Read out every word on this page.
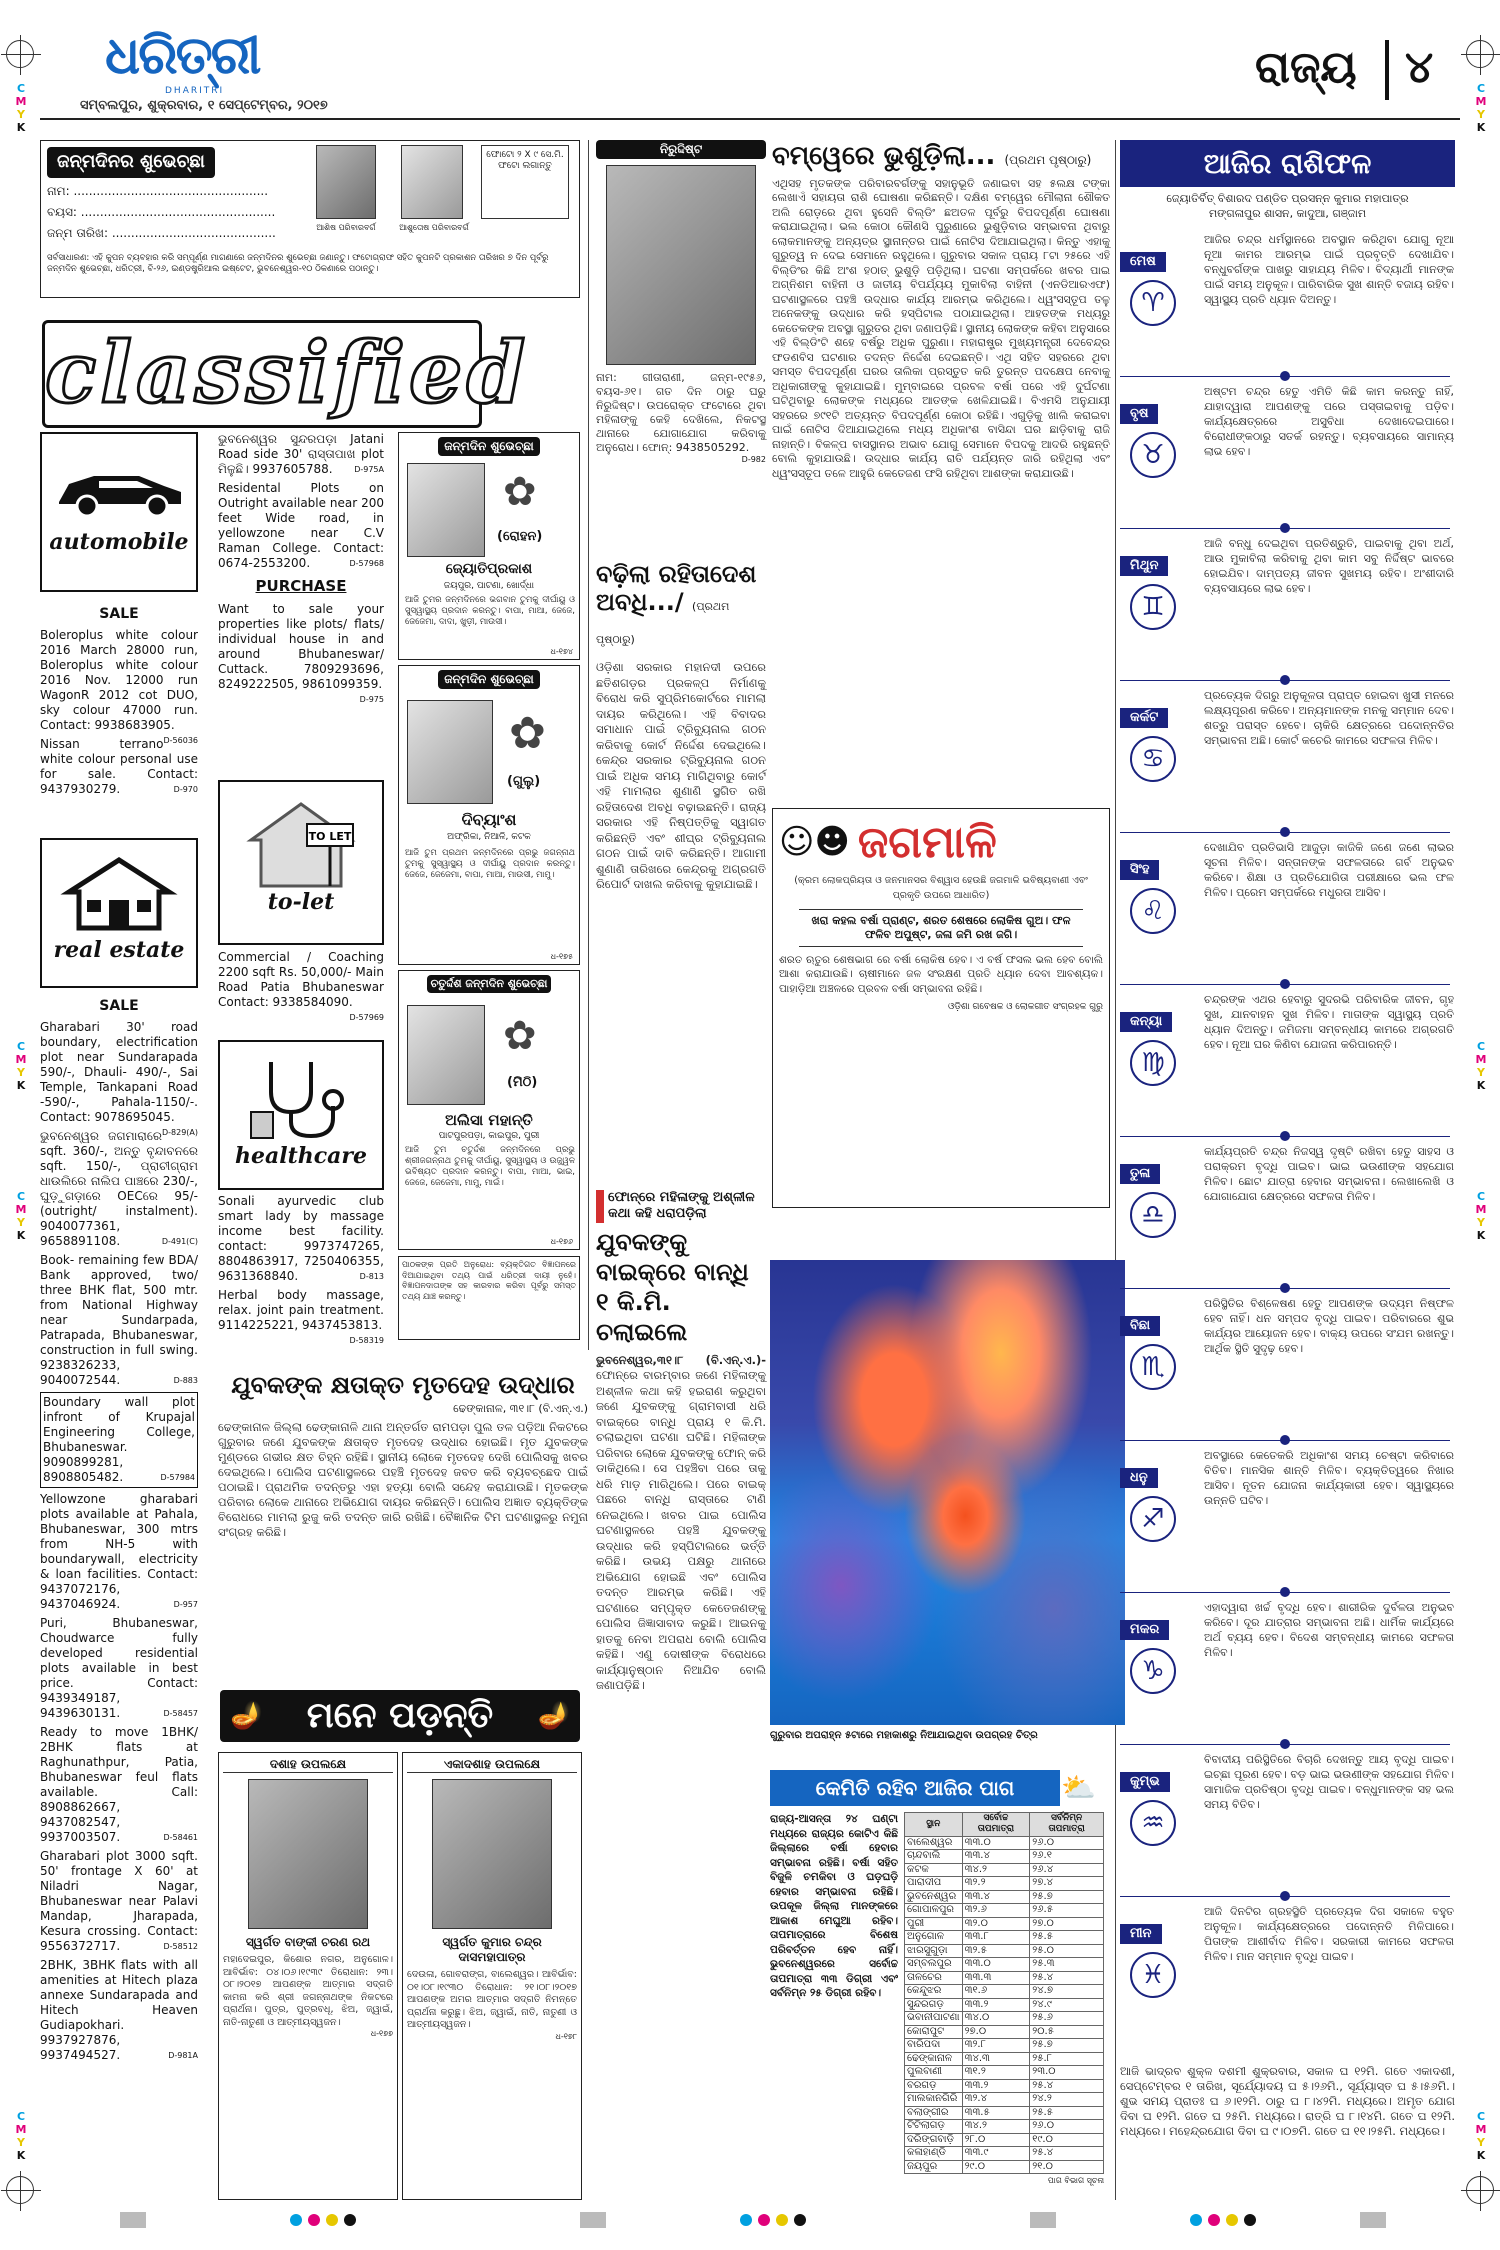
C
M
Y
K
C
M
Y
K
C
M
Y
K
C
M
Y
K
C
M
Y
K
C
M
Y
K
C
M
Y
K
C
M
Y
K
ଧରିତ୍ରୀ
DHARITRI
ସମ୍ବଲପୁର, ଶୁକ୍ରବାର, ୧ ସେପ୍ଟେମ୍ବର, ୨୦୧୭
ରାଜ୍ୟ	୪
ଜନ୍ମଦିନର ଶୁଭେଚ୍ଛା
ନାମ: ...................................................
ବୟସ: ...................................................
ଜନ୍ମ ତାରିଖ: ...........................................	ଆଶିଷ ପରିବାରବର୍ଗ	ଆଶୁତୋଷ ପରିବାରବର୍ଗ
ଫୋଟୋ ୨ X ୯ ସେ.ମି. ଫଟୋ ଲଗାନ୍ତୁ
ସର୍ବସାଧାରଣ: ଏହି କୁପନ ବ୍ୟବହାର କରି ସମ୍ପୂର୍ଣ୍ଣ ମାଗଣାରେ ଜନ୍ମଦିନର ଶୁଭେଚ୍ଛା ଜଣାନ୍ତୁ। ଫଟୋଗ୍ରାଫ ସହିତ କୁପନଟି ପ୍ରକାଶନ ତାରିଖର ୭ ଦିନ ପୂର୍ବରୁ ଜନ୍ମଦିନ ଶୁଭେଚ୍ଛା, ଧରିତ୍ରୀ, ବି-୨୬, ଇଣ୍ଡଷ୍ଟ୍ରିଆଲ ଇଷ୍ଟେଟ, ଭୁବନେଶ୍ୱର-୧୦ ଠିକଣାରେ ପଠାନ୍ତୁ।
classified
automobile
SALE
Boleroplus white colour 2016 March 28000 run, Boleroplus white colour 2016 Nov. 12000 run WagonR 2012 cot DUO, sky colour 47000 run. Contact: 9938683905.
D-56036
Nissan terrano white colour personal use for sale. Contact: 9437930279.	D-970
real estate
SALE
Gharabari 30' road boundary, electrification plot near Sundarapada 590/-, Dhauli- 490/-, Sai Temple, Tankapani Road -590/-, Pahala-1150/-. Contact: 9078695045.
D-829(A)
ଭୁବନେଶ୍ୱର ଜଗମାରାରେ sqft. 360/-, ଅନ୍ତୁ ବୃନ୍ଦାବନରେ sqft. 150/-, ପ୍ରାଚୀଗ୍ରାମ ଧାଉଲିରେ ନାଲିପ ପାଞ୍ଚରେ 230/-, ଘୁଡ଼ୁଗଡ଼ାରେ OECରେ 95/- (outright/ instalment). 9040077361, 9658891108.	D-491(C)
Book- remaining few BDA/ Bank approved, two/ three BHK flat, 500 mtr. from National Highway near Sundarpada, Patrapada, Bhubaneswar, construction in full swing. 9238326233, 9040072544.	D-883
Boundary wall plot infront of Krupajal Engineering College, Bhubaneswar. 9090899281, 8908805482.	D-57984
Yellowzone gharabari plots available at Pahala, Bhubaneswar, 300 mtrs from NH-5 with boundarywall, electricity & loan facilities. Contact: 9437072176, 9437046924.	D-957
Puri, Bhubaneswar, Choudwarce fully developed residential plots available in best price. Contact: 9439349187, 9439630131.	D-58457
Ready to move 1BHK/ 2BHK flats at Raghunathpur, Patia, Bhubaneswar feul flats available. Call: 8908862667, 9437082547, 9937003507.	D-58461
Gharabari plot 3000 sqft. 50' frontage X 60' at Niladri Nagar, Bhubaneswar near Palavi Mandap, Jharapada, Kesura crossing. Contact: 9556372717.	D-58512
2BHK, 3BHK flats with all amenities at Hitech plaza annexe Sundarapada and Hitech Heaven Gudiapokhari. 9937927876, 9937494527.	D-981A
ଭୁବନେଶ୍ୱର ସୁନ୍ଦରପଡ଼ା Jatani Road side 30' ରାସ୍ତାପାଖ plot ମିଳୁଛି। 9937605788.	D-975A
Residental Plots on Outright available near 200 feet Wide road, in yellowzone near C.V Raman College. Contact: 0674-2553200.	D-57968
PURCHASE
Want to sale your properties like plots/ flats/ individual house in and around Bhubaneswar/ Cuttack. 7809293696, 8249222505, 9861099359.
D-975
TO LET
to-let
Commercial / Coaching 2200 sqft Rs. 50,000/- Main Road Patia Bhubaneswar Contact: 9338584090.
D-57969
healthcare
Sonali ayurvedic club smart lady by massage income best facility. contact: 9973747265, 8804863917, 7250406355, 9631368840.	D-813
Herbal body massage, relax. joint pain treatment. 9114225221, 9437453813.
D-58319
ଜନ୍ମଦିନ ଶୁଭେଚ୍ଛା
✿
(ରୋହନ)
ଜ୍ୟୋତିପ୍ରକାଶ
ଜୟପୁର, ପାଟଣା, ଖୋର୍ଦ୍ଧା
ଆଜି ତୁମର ଜନ୍ମଦିନରେ ଭଗବାନ ତୁମକୁ ଦୀର୍ଘାୟୁ ଓ ସୁସ୍ୱାସ୍ଥ୍ୟ ପ୍ରଦାନ କରନ୍ତୁ। ବାପା, ମାଆ, ଜେଜେ, ଜେଜେମା, ଦାଦା, ଖୁଡ଼ୀ, ମାଉସୀ।
ଧ-୧୭୪
ଜନ୍ମଦିନ ଶୁଭେଚ୍ଛା
✿
(ଗୁଲୁ)
ଦିବ୍ୟାଂଶ
ଅଫ୍ରିକା, ନିଆଳି, କଟକ
ଆଜି ତୁମ ପ୍ରଥମ ଜନ୍ମଦିନରେ ପ୍ରଭୁ ଜଗନ୍ନାଥ ତୁମକୁ ସୁସ୍ୱାସ୍ଥ୍ୟ ଓ ଦୀର୍ଘାୟୁ ପ୍ରଦାନ କରନ୍ତୁ। ଜେଜେ, ଜେଜେମା, ବାପା, ମାଆ, ମାଉସୀ, ମାମୁ।
ଧ-୧୭୫
ଚତୁର୍ଦ୍ଦଶ ଜନ୍ମଦିନ ଶୁଭେଚ୍ଛା
✿
(ମିଠି)
ଅଲିସା ମହାନ୍ତି
ପାଟପୁରପଡ଼ା, କାଇପୁର, ପୁରୀ
ଆଜି ତୁମ ଚତୁର୍ଦ୍ଦଶ ଜନ୍ମଦିନରେ ପ୍ରଭୁ ଶ୍ରୀଜଗନ୍ନାଥ ତୁମକୁ ଦୀର୍ଘାୟୁ, ସୁସ୍ୱାସ୍ଥ୍ୟ ଓ ଉଜ୍ଜ୍ୱଳ ଭବିଷ୍ୟତ ପ୍ରଦାନ କରନ୍ତୁ। ବାପା, ମାଆ, ଭାଇ, ଜେଜେ, ଜେଜେମା, ମାମୁ, ମାଇଁ।
ଧ-୧୭୬
ପାଠକଙ୍କ ପ୍ରତି ଅନୁରୋଧ: ବ୍ୟକ୍ତିଗତ ବିଜ୍ଞାପନରେ ଦିଆଯାଇଥିବା ତଥ୍ୟ ପାଇଁ ଧରିତ୍ରୀ ଦାୟୀ ନୁହେଁ। ବିଜ୍ଞାପନଦାତାଙ୍କ ସହ କାରବାର କରିବା ପୂର୍ବରୁ ସମସ୍ତ ତଥ୍ୟ ଯାଞ୍ଚ କରନ୍ତୁ।
ନିରୁଦ୍ଦିଷ୍ଟ
ନାମ: ଗୀତାରାଣୀ, ଜନ୍ମ-୧୯୫୬, ବୟସ-୬୧। ଗତ ଦିନ ଠାରୁ ଘରୁ ନିରୁଦ୍ଦିଷ୍ଟ। ଉପରୋକ୍ତ ଫଟୋରେ ଥିବା ମହିଳାଙ୍କୁ କେହି ଦେଖିଲେ, ନିକଟସ୍ଥ ଥାନାରେ ଯୋଗାଯୋଗ କରିବାକୁ ଅନୁରୋଧ। ଫୋନ୍: 9438505292.
D-982
ବମ୍ୱେରେ ଭୁଶୁଡ଼ିଲା... (ପ୍ରଥମ ପୃଷ୍ଠାରୁ)
ଏଥିସହ ମୃତକଙ୍କ ପରିବାରବର୍ଗଙ୍କୁ ସହାନୁଭୂତି ଜଣାଇବା ସହ ୫ଲକ୍ଷ ଟଙ୍କା ଲେଖାଏଁ ସହାୟତା ରାଶି ଘୋଷଣା କରିଛନ୍ତି। ଦକ୍ଷିଣ ବମ୍ୱେର ମୌଲାନା ଶୌକତ ଅଲି ରୋଡ଼ରେ ଥିବା ହୁସେନି ବିଲ୍ଡିଂ ଛଅତଳ ପୂର୍ବରୁ ବିପଦପୂର୍ଣ୍ଣ ଘୋଷଣା କରାଯାଇଥିଲା। ଭଲ କୋଠା କୌଣସି ପୁରୁଣାରେ ଭୁଶୁଡ଼ିବାର ସମ୍ଭାବନା ଥିବାରୁ ଲୋକମାନଙ୍କୁ ଅନ୍ୟତ୍ର ସ୍ଥାନାନ୍ତର ପାଇଁ ନୋଟିସ ଦିଆଯାଇଥିଲା। କିନ୍ତୁ ଏହାକୁ ଗୁରୁତ୍ୱ ନ ଦେଇ ସେମାନେ ରହୁଥିଲେ। ଗୁରୁବାର ସକାଳ ପ୍ରାୟ ୮ଟା ୨୫ରେ ଏହି ବିଲ୍ଡିଂର କିଛି ଅଂଶ ହଠାତ୍ ଭୁଶୁଡ଼ି ପଡ଼ିଥିଲା। ଘଟଣା ସମ୍ପର୍କରେ ଖବର ପାଇ ଅଗ୍ନିଶମ ବାହିନୀ ଓ ଜାତୀୟ ବିପର୍ଯ୍ୟୟ ମୁକାବିଲା ବାହିନୀ (ଏନଡିଆରଏଫ) ଘଟଣାସ୍ଥଳରେ ପହଞ୍ଚି ଉଦ୍ଧାର କାର୍ଯ୍ୟ ଆରମ୍ଭ କରିଥିଲେ। ଧ୍ୱଂସସ୍ତୂପ ତଳୁ ଅନେକଙ୍କୁ ଉଦ୍ଧାର କରି ହସ୍ପିଟାଲ ପଠାଯାଇଥିଲା। ଆହତଙ୍କ ମଧ୍ୟରୁ କେତେକଙ୍କ ଅବସ୍ଥା ଗୁରୁତର ଥିବା ଜଣାପଡ଼ିଛି। ସ୍ଥାନୀୟ ଲୋକଙ୍କ କହିବା ଅନୁସାରେ ଏହି ବିଲ୍ଡିଂଟି ଶହେ ବର୍ଷରୁ ଅଧିକ ପୁରୁଣା। ମହାରାଷ୍ଟ୍ର ମୁଖ୍ୟମନ୍ତ୍ରୀ ଦେବେନ୍ଦ୍ର ଫଡଣବିସ ଘଟଣାର ତଦନ୍ତ ନିର୍ଦ୍ଦେଶ ଦେଇଛନ୍ତି। ଏଥି ସହିତ ସହରରେ ଥିବା ସମସ୍ତ ବିପଦପୂର୍ଣ୍ଣ ଘରର ତାଲିକା ପ୍ରସ୍ତୁତ କରି ତୁରନ୍ତ ପଦକ୍ଷେପ ନେବାକୁ ଅଧିକାରୀଙ୍କୁ କୁହାଯାଇଛି। ମୁମ୍ବାଇରେ ପ୍ରବଳ ବର୍ଷା ପରେ ଏହି ଦୁର୍ଘଟଣା ଘଟିଥିବାରୁ ଲୋକଙ୍କ ମଧ୍ୟରେ ଆତଙ୍କ ଖେଳିଯାଇଛି। ବିଏମସି ଅନୁଯାୟୀ ସହରରେ ୭୯୧ଟି ଅତ୍ୟନ୍ତ ବିପଦପୂର୍ଣ୍ଣ କୋଠା ରହିଛି। ଏଗୁଡ଼ିକୁ ଖାଲି କରାଇବା ପାଇଁ ନୋଟିସ ଦିଆଯାଇଥିଲେ ମଧ୍ୟ ଅଧିକାଂଶ ବାସିନ୍ଦା ଘର ଛାଡ଼ିବାକୁ ରାଜି ନାହାନ୍ତି। ବିକଳ୍ପ ବାସସ୍ଥାନର ଅଭାବ ଯୋଗୁ ସେମାନେ ବିପଦକୁ ଆଦରି ରହୁଛନ୍ତି ବୋଲି କୁହାଯାଉଛି। ଉଦ୍ଧାର କାର୍ଯ୍ୟ ରାତି ପର୍ଯ୍ୟନ୍ତ ଜାରି ରହିଥିଲା ଏବଂ ଧ୍ୱଂସସ୍ତୂପ ତଳେ ଆହୁରି କେତେଜଣ ଫସି ରହିଥିବା ଆଶଙ୍କା କରାଯାଉଛି।
ବଢ଼ିଲା ରହିତାଦେଶ ଅବଧି.../ (ପ୍ରଥମ ପୃଷ୍ଠାରୁ)
ଓଡ଼ିଶା ସରକାର ମହାନଦୀ ଉପରେ ଛତିଶଗଡ଼ର ପ୍ରକଳ୍ପ ନିର୍ମାଣକୁ ବିରୋଧ କରି ସୁପ୍ରିମକୋର୍ଟରେ ମାମଲା ଦାୟର କରିଥିଲେ। ଏହି ବିବାଦର ସମାଧାନ ପାଇଁ ଟ୍ରିବ୍ୟୁନାଲ ଗଠନ କରିବାକୁ କୋର୍ଟ ନିର୍ଦ୍ଦେଶ ଦେଇଥିଲେ। କେନ୍ଦ୍ର ସରକାର ଟ୍ରିବ୍ୟୁନାଲ ଗଠନ ପାଇଁ ଅଧିକ ସମୟ ମାଗିଥିବାରୁ କୋର୍ଟ ଏହି ମାମଲାର ଶୁଣାଣି ସ୍ଥଗିତ ରଖି ରହିତାଦେଶ ଅବଧି ବଢ଼ାଇଛନ୍ତି। ରାଜ୍ୟ ସରକାର ଏହି ନିଷ୍ପତ୍ତିକୁ ସ୍ୱାଗତ କରିଛନ୍ତି ଏବଂ ଶୀଘ୍ର ଟ୍ରିବ୍ୟୁନାଲ ଗଠନ ପାଇଁ ଦାବି କରିଛନ୍ତି। ଆଗାମୀ ଶୁଣାଣି ତାରିଖରେ କେନ୍ଦ୍ରକୁ ଅଗ୍ରଗତି ରିପୋର୍ଟ ଦାଖଲ କରିବାକୁ କୁହାଯାଇଛି।
☺☻ ଜଗମାଳି
(କ୍ରମ ଲୋକପ୍ରିୟତା ଓ ଜନମାନସର ବିଶ୍ୱାସ ହେଉଛି ଜଗମାଳି ଭବିଷ୍ୟବାଣୀ ଏବଂ ପ୍ରକୃତି ଉପରେ ଆଧାରିତ)
ଖରା କହଲ ବର୍ଷା ପ୍ରାଣ୍ଟ, ଶରତ ଶେଷରେ ଲୋକିଷ ଗୁଅ। ଫଳ ଫଳିବ ଅପୁଷ୍ଟ, ଜଳା ଜମି ରଖ ଜଗି।
ଶରତ ଋତୁର ଶେଷଭାଗ ରେ ବର୍ଷା ଲୋକିଷ ହେବ। ଏ ବର୍ଷ ଫସଲ ଭଲ ହେବ ବୋଲି ଆଶା କରାଯାଉଛି। ଚାଷୀମାନେ ଜଳ ସଂରକ୍ଷଣ ପ୍ରତି ଧ୍ୟାନ ଦେବା ଆବଶ୍ୟକ। ପାହାଡ଼ିଆ ଅଞ୍ଚଳରେ ପ୍ରବଳ ବର୍ଷା ସମ୍ଭାବନା ରହିଛି।
ଓଡ଼ିଶା ଗବେଷକ ଓ ଲୋକଗୀତ ସଂଗ୍ରହକ ଗୁରୁ
ଫୋନ୍‌ରେ ମହିଳାଙ୍କୁ ଅଶ୍ଳୀଳ କଥା କହି ଧରାପଡ଼ିଲା
ଯୁବକଙ୍କୁ ବାଇକ୍‌ରେ ବାନ୍ଧି ୧ କି.ମି. ଚଲାଇଲେ
ଭୁବନେଶ୍ୱର,୩୧।୮ (ବି.ଏନ୍.ଏ.)- ଫୋନ୍‌ରେ ବାରମ୍ବାର ଜଣେ ମହିଳାଙ୍କୁ ଅଶ୍ଳୀଳ କଥା କହି ହଇରାଣ କରୁଥିବା ଜଣେ ଯୁବକଙ୍କୁ ଗ୍ରାମବାସୀ ଧରି ବାଇକ୍‌ରେ ବାନ୍ଧି ପ୍ରାୟ ୧ କି.ମି. ଚଲାଇଥିବା ଘଟଣା ଘଟିଛି। ମହିଳାଙ୍କ ପରିବାର ଲୋକେ ଯୁବକଙ୍କୁ ଫୋନ୍ କରି ଡାକିଥିଲେ। ସେ ପହଞ୍ଚିବା ପରେ ତାକୁ ଧରି ମାଡ଼ ମାରିଥିଲେ। ପରେ ବାଇକ୍ ପଛରେ ବାନ୍ଧି ରାସ୍ତାରେ ଟାଣି ନେଇଥିଲେ। ଖବର ପାଇ ପୋଲିସ ଘଟଣାସ୍ଥଳରେ ପହଞ୍ଚି ଯୁବକଙ୍କୁ ଉଦ୍ଧାର କରି ହସ୍ପିଟାଲରେ ଭର୍ତ୍ତି କରିଛି। ଉଭୟ ପକ୍ଷରୁ ଥାନାରେ ଅଭିଯୋଗ ହୋଇଛି ଏବଂ ପୋଲିସ ତଦନ୍ତ ଆରମ୍ଭ କରିଛି। ଏହି ଘଟଣାରେ ସମ୍ପୃକ୍ତ କେତେଜଣଙ୍କୁ ପୋଲିସ ଜିଜ୍ଞାସାବାଦ କରୁଛି। ଆଇନକୁ ହାତକୁ ନେବା ଅପରାଧ ବୋଲି ପୋଲିସ କହିଛି। ଏଣୁ ଦୋଷୀଙ୍କ ବିରୋଧରେ କାର୍ଯ୍ୟାନୁଷ୍ଠାନ ନିଆଯିବ ବୋଲି ଜଣାପଡ଼ିଛି।
ଯୁବକଙ୍କ କ୍ଷତାକ୍ତ ମୃତଦେହ ଉଦ୍ଧାର
ଢେଙ୍କାନାଳ, ୩୧।୮ (ବି.ଏନ୍.ଏ.)
ଢେଙ୍କାନାଳ ଜିଲ୍ଲା ଢେଙ୍କାନାଳି ଥାନା ଅନ୍ତର୍ଗତ ରାମପଡ଼ା ପୁଲ ତଳ ପଡ଼ିଆ ନିକଟରେ ଗୁରୁବାର ଜଣେ ଯୁବକଙ୍କ କ୍ଷତାକ୍ତ ମୃତଦେହ ଉଦ୍ଧାର ହୋଇଛି। ମୃତ ଯୁବକଙ୍କ ମୁଣ୍ଡରେ ଗଭୀର କ୍ଷତ ଚିହ୍ନ ରହିଛି। ସ୍ଥାନୀୟ ଲୋକେ ମୃତଦେହ ଦେଖି ପୋଲିସକୁ ଖବର ଦେଇଥିଲେ। ପୋଲିସ ଘଟଣାସ୍ଥଳରେ ପହଞ୍ଚି ମୃତଦେହ ଜବତ କରି ବ୍ୟବଚ୍ଛେଦ ପାଇଁ ପଠାଇଛି। ପ୍ରାଥମିକ ତଦନ୍ତରୁ ଏହା ହତ୍ୟା ବୋଲି ସନ୍ଦେହ କରାଯାଉଛି। ମୃତକଙ୍କ ପରିବାର ଲୋକେ ଥାନାରେ ଅଭିଯୋଗ ଦାୟର କରିଛନ୍ତି। ପୋଲିସ ଅଜ୍ଞାତ ବ୍ୟକ୍ତିଙ୍କ ବିରୋଧରେ ମାମଲା ରୁଜୁ କରି ତଦନ୍ତ ଜାରି ରଖିଛି। ବୈଜ୍ଞାନିକ ଟିମ ଘଟଣାସ୍ଥଳରୁ ନମୁନା ସଂଗ୍ରହ କରିଛି।
🪔 ମନେ ପଡ଼ନ୍ତି 🪔
ଦଶାହ ଉପଲକ୍ଷେ
ସ୍ୱର୍ଗତ ବାଙ୍କୀ ଚରଣ ରଥ
ମହାଦେଇପୁର, କିଶୋର ନଗର, ଅନୁଗୋଳ। ଆବିର୍ଭାବ: ୦୪।୦୬।୧୯୩୯ ତିରୋଧାନ: ୨୩।୦୮।୨୦୧୭ ଆପଣଙ୍କ ଆତ୍ମାର ସଦ୍‌ଗତି କାମନା କରି ଶ୍ରୀ ଜଗନ୍ନାଥଙ୍କ ନିକଟରେ ପ୍ରାର୍ଥନା। ପୁତ୍ର, ପୁତ୍ରବଧୂ, ଝିଅ, ଜ୍ୱାଇଁ, ନାତି-ନାତୁଣୀ ଓ ଆତ୍ମୀୟସ୍ୱଜନ।
ଧ-୧୭୭
ଏକାଦଶାହ ଉପଲକ୍ଷେ
ସ୍ୱର୍ଗତ କୁମାର ଚନ୍ଦ୍ର ଦାସମହାପାତ୍ର
ଦେଉଳା, ଗୋବରାଙ୍ଗ, ବାଲେଶ୍ୱର। ଆବିର୍ଭାବ: ୦୧।୦୮।୧୯୩୦ ତିରୋଧାନ: ୨୧।୦୮।୨୦୧୭ ଆପଣଙ୍କ ଅମର ଆତ୍ମାର ସଦ୍‌ଗତି ନିମନ୍ତେ ପ୍ରାର୍ଥନା କରୁଛୁ। ଝିଅ, ଜ୍ୱାଇଁ, ନାତି, ନାତୁଣୀ ଓ ଆତ୍ମୀୟସ୍ୱଜନ।
ଧ-୧୭୮
ଗୁରୁବାର ଅପରାହ୍ନ ୫ଟାରେ ମହାକାଶରୁ ନିଆଯାଇଥିବା ଉପଗ୍ରହ ଚିତ୍ର
କେମିତି ରହିବ ଆଜିର ପାଗ ⛅
ରାଜ୍ୟ-ଆସନ୍ତା ୨୪ ଘଣ୍ଟା ମଧ୍ୟରେ ରାଜ୍ୟର କୋଟିଏ କିଛି ଜିଲ୍ଲାରେ ବର୍ଷା ହେବାର ସମ୍ଭାବନା ରହିଛି। ବର୍ଷା ସହିତ ବିଜୁଳି ଚମକିବା ଓ ଘଡ଼ଘଡ଼ି ହେବାର ସମ୍ଭାବନା ରହିଛି। ଉପକୂଳ ଜିଲ୍ଲା ମାନଙ୍କରେ ଆକାଶ ମେଘୁଆ ରହିବ। ତାପମାତ୍ରାରେ ବିଶେଷ ପରିବର୍ତ୍ତନ ହେବ ନାହିଁ। ଭୁବନେଶ୍ୱରରେ ସର୍ବୋଚ୍ଚ ତାପମାତ୍ରା ୩୩ ଡିଗ୍ରୀ ଏବଂ ସର୍ବନିମ୍ନ ୨୫ ଡିଗ୍ରୀ ରହିବ।
ସ୍ଥାନ	ସର୍ବୋଚ୍ଚ ତାପମାତ୍ରା	ସର୍ବନିମ୍ନ ତାପମାତ୍ରା
ବାଲେଶ୍ୱର	୩୩.୦	୨୬.୦
ଚାନ୍ଦବାଲି	୩୩.୪	୨୬.୧
କଟକ	୩୪.୨	୨୬.୪
ପାରାଦୀପ	୩୨.୨	୨୭.୪
ଭୁବନେଶ୍ୱର	୩୩.୪	୨୫.୭
ଗୋପାଳପୁର	୩୨.୬	୨୬.୫
ପୁରୀ	୩୨.୦	୨୭.୦
ଅନୁଗୋଳ	୩୩.୮	୨୫.୫
ଝାରସୁଗୁଡ଼ା	୩୨.୫	୨୫.୦
ସମ୍ବଲପୁର	୩୩.୦	୨୫.୩
ତାଳଚେର	୩୩.୩	୨୫.୪
କେନ୍ଦୁଝର	୩୧.୬	୨୪.୭
ସୁନ୍ଦରଗଡ଼	୩୩.୨	୨୪.୯
ଭବାନୀପାଟଣା	୩୪.୦	୨୫.୬
କୋରାପୁଟ	୨୭.୦	୨୦.୫
ବାରିପଦା	୩୨.୮	୨୫.୭
ଢେଙ୍କାନାଳ	୩୪.୩	୨୫.୮
ପୁଲବାଣୀ	୩୧.୨	୨୩.୦
ବରଗଡ଼	୩୩.୨	୨୫.୪
ମାଲକାନଗିରି	୩୨.୪	୨୪.୨
ବଲାଙ୍ଗୀର	୩୩.୫	୨୫.୫
ଟିଟିଲାଗଡ଼	୩୪.୨	୨୬.୦
ଦରିଙ୍ଗବାଡ଼ି	୨୮.୦	୧୯.୦
କଳାହାଣ୍ଡି	୩୩.୯	୨୫.୪
ଜୟପୁର	୨୯.୦	୨୧.୦
ପାଗ ବିଭାଗ ସୂଚନା
ଆଜିର ରାଶିଫଳ
ଜ୍ୟୋତିର୍ବିତ୍ ବିଶାରଦ ପଣ୍ଡିତ ପ୍ରସନ୍ନ କୁମାର ମହାପାତ୍ର
ମଙ୍ଗଳାପୁର ଶାସନ, କାଦୁଆ, ଗଞ୍ଜାମ
ମେଷ
♈
ଆଜିର ଚନ୍ଦ୍ର ଧର୍ମସ୍ଥାନରେ ଅବସ୍ଥାନ କରିଥିବା ଯୋଗୁ ନୂଆ ନୂଆ କାମର ଆରମ୍ଭ ପାଇଁ ପ୍ରବୃତ୍ତି ଦେଖାଯିବ। ବନ୍ଧୁବର୍ଗଙ୍କ ପାଖରୁ ସାହାଯ୍ୟ ମିଳିବ। ବିଦ୍ୟାର୍ଥୀ ମାନଙ୍କ ପାଇଁ ସମୟ ଅନୁକୂଳ। ପାରିବାରିକ ସୁଖ ଶାନ୍ତି ବଜାୟ ରହିବ। ସ୍ୱାସ୍ଥ୍ୟ ପ୍ରତି ଧ୍ୟାନ ଦିଅନ୍ତୁ।
ବୃଷ
♉
ଅଷ୍ଟମ ଚନ୍ଦ୍ର ହେତୁ ଏମିତି କିଛି କାମ କରନ୍ତୁ ନାହିଁ, ଯାହାଦ୍ୱାରା ଆପଣଙ୍କୁ ପରେ ପସ୍ତାଇବାକୁ ପଡ଼ିବ। କାର୍ଯ୍ୟକ୍ଷେତ୍ରରେ ଅସୁବିଧା ଦେଖାଦେଇପାରେ। ବିରୋଧୀଙ୍କଠାରୁ ସତର୍କ ରହନ୍ତୁ। ବ୍ୟବସାୟରେ ସାମାନ୍ୟ ଲାଭ ହେବ।
ମିଥୁନ
♊
ଆଜି ବନ୍ଧୁ ଦେଇଥିବା ପ୍ରତିଶ୍ରୁତି, ପାଇବାକୁ ଥିବା ଅର୍ଥ, ଆଉ ମୁକାବିଲା କରିବାକୁ ଥିବା କାମ ସବୁ ନିର୍ଦ୍ଦିଷ୍ଟ ଭାବରେ ହୋଇଯିବ। ଦାମ୍ପତ୍ୟ ଜୀବନ ସୁଖମୟ ରହିବ। ଅଂଶୀଦାରି ବ୍ୟବସାୟରେ ଲାଭ ହେବ।
କର୍କଟ
♋
ପ୍ରତ୍ୟେକ ଦିଗରୁ ଅନୁକୂଳତା ପ୍ରାପ୍ତ ହୋଇବା ଖୁସୀ ମନରେ ଲକ୍ଷ୍ୟପୂରଣ କରିବେ। ଅନ୍ୟମାନଙ୍କ ମନକୁ ସମ୍ମାନ ଦେବ। ଶତ୍ରୁ ପରାସ୍ତ ହେବେ। ଚାକିରି କ୍ଷେତ୍ରରେ ପଦୋନ୍ନତିର ସମ୍ଭାବନା ଅଛି। କୋର୍ଟ କଚେରି କାମରେ ସଫଳତା ମିଳିବ।
ସିଂହ
♌
ଦେଖାଯିବ ପ୍ରତିଭାସି ଆଜୁଡ଼ା କାଜିକି ଜଣେ ଜଣେ ଲାଭର ସୂଚନା ମିଳିବ। ସନ୍ତାନଙ୍କ ସଫଳତାରେ ଗର୍ବ ଅନୁଭବ କରିବେ। ଶିକ୍ଷା ଓ ପ୍ରତିଯୋଗିତା ପରୀକ୍ଷାରେ ଭଲ ଫଳ ମିଳିବ। ପ୍ରେମ ସମ୍ପର୍କରେ ମଧୁରତା ଆସିବ।
କନ୍ୟା
♍
ଚନ୍ଦ୍ରଙ୍କ ଏଥର ହେବାରୁ ସୁଦରଭି ପରିବାରିକ ଜୀବନ, ଗୃହ ସୁଖ, ଯାନବାହନ ସୁଖ ମିଳିବ। ମାତାଙ୍କ ସ୍ୱାସ୍ଥ୍ୟ ପ୍ରତି ଧ୍ୟାନ ଦିଅନ୍ତୁ। ଜମିଜମା ସମ୍ବନ୍ଧୀୟ କାମରେ ଅଗ୍ରଗତି ହେବ। ନୂଆ ଘର କିଣିବା ଯୋଜନା କରିପାରନ୍ତି।
ତୁଳା
♎
କାର୍ଯ୍ୟପ୍ରତି ଚନ୍ଦ୍ର ନିଜସ୍ୱ ଦୃଷ୍ଟି ରଖିବା ହେତୁ ସାହସ ଓ ପରାକ୍ରମ ବୃଦ୍ଧି ପାଇବ। ଭାଇ ଭଉଣୀଙ୍କ ସହଯୋଗ ମିଳିବ। ଛୋଟ ଯାତ୍ରା ହେବାର ସମ୍ଭାବନା। ଲେଖାଲେଖି ଓ ଯୋଗାଯୋଗ କ୍ଷେତ୍ରରେ ସଫଳତା ମିଳିବ।
ବିଛା
♏
ପରିସ୍ଥିତିର ବିଶ୍ଳେଷଣ ହେତୁ ଆପଣଙ୍କ ଉଦ୍ୟମ ନିଷ୍ଫଳ ହେବ ନାହିଁ। ଧନ ସମ୍ପଦ ବୃଦ୍ଧି ପାଇବ। ପରିବାରରେ ଶୁଭ କାର୍ଯ୍ୟର ଆୟୋଜନ ହେବ। ବାକ୍ୟ ଉପରେ ସଂଯମ ରଖନ୍ତୁ। ଆର୍ଥିକ ସ୍ଥିତି ସୁଦୃଢ଼ ହେବ।
ଧନୁ
♐
ଅବସ୍ଥାରେ କେତେକରି ଅଧିକାଂଶ ସମୟ ଚେଷ୍ଟା କରିବାରେ ବିତିବ। ମାନସିକ ଶାନ୍ତି ମିଳିବ। ବ୍ୟକ୍ତିତ୍ୱରେ ନିଖାର ଆସିବ। ନୂତନ ଯୋଜନା କାର୍ଯ୍ୟକାରୀ ହେବ। ସ୍ୱାସ୍ଥ୍ୟରେ ଉନ୍ନତି ଘଟିବ।
ମକର
♑
ଏହାଦ୍ୱାରା ଖର୍ଚ୍ଚ ବୃଦ୍ଧି ହେବ। ଶାରୀରିକ ଦୁର୍ବଳତା ଅନୁଭବ କରିବେ। ଦୂର ଯାତ୍ରାର ସମ୍ଭାବନା ଅଛି। ଧାର୍ମିକ କାର୍ଯ୍ୟରେ ଅର୍ଥ ବ୍ୟୟ ହେବ। ବିଦେଶ ସମ୍ବନ୍ଧୀୟ କାମରେ ସଫଳତା ମିଳିବ।
କୁମ୍ଭ
♒
ବିବାଦୀୟ ପରିସ୍ଥିତିରେ ବିଚାରି ଦେଖନ୍ତୁ ଆୟ ବୃଦ୍ଧି ପାଇବ। ଇଚ୍ଛା ପୂରଣ ହେବ। ବଡ଼ ଭାଇ ଭଉଣୀଙ୍କ ସହଯୋଗ ମିଳିବ। ସାମାଜିକ ପ୍ରତିଷ୍ଠା ବୃଦ୍ଧି ପାଇବ। ବନ୍ଧୁମାନଙ୍କ ସହ ଭଲ ସମୟ ବିତିବ।
ମୀନ
♓
ଆଜି ଦିନଟିର ଗ୍ରହସ୍ଥିତି ପ୍ରତ୍ୟେକ ଦିଗ ସକାଳେ ବହୁତ ଅନୁକୂଳ। କାର୍ଯ୍ୟକ୍ଷେତ୍ରରେ ପଦୋନ୍ନତି ମିଳିପାରେ। ପିତାଙ୍କ ଆଶୀର୍ବାଦ ମିଳିବ। ସରକାରୀ କାମରେ ସଫଳତା ମିଳିବ। ମାନ ସମ୍ମାନ ବୃଦ୍ଧି ପାଇବ।
ଆଜି ଭାଦ୍ରବ ଶୁକ୍ଳ ଦଶମୀ ଶୁକ୍ରବାର, ସକାଳ ଘ ୧୨ମି. ଗତେ ଏକାଦଶୀ, ସେପ୍ଟେମ୍ବର ୧ ତାରିଖ, ସୂର୍ଯ୍ୟୋଦୟ ଘ ୫।୨୬ମି., ସୂର୍ଯ୍ୟାସ୍ତ ଘ ୫।୫୬ମି.। ଶୁଭ ସମୟ ପ୍ରାତଃ ଘ ୬।୧୨ମି. ଠାରୁ ଘ ୮।୪୨ମି. ମଧ୍ୟରେ। ଅମୃତ ଯୋଗ ଦିବା ଘ ୧୨ମି. ଗତେ ଘ ୨୫ମି. ମଧ୍ୟରେ। ରାତ୍ରି ଘ ୮।୧୪ମି. ଗତେ ଘ ୧୨ମି. ମଧ୍ୟରେ। ମହେନ୍ଦ୍ରଯୋଗ ଦିବା ଘ ୯।୦୭ମି. ଗତେ ଘ ୧୧।୨୫ମି. ମଧ୍ୟରେ।
